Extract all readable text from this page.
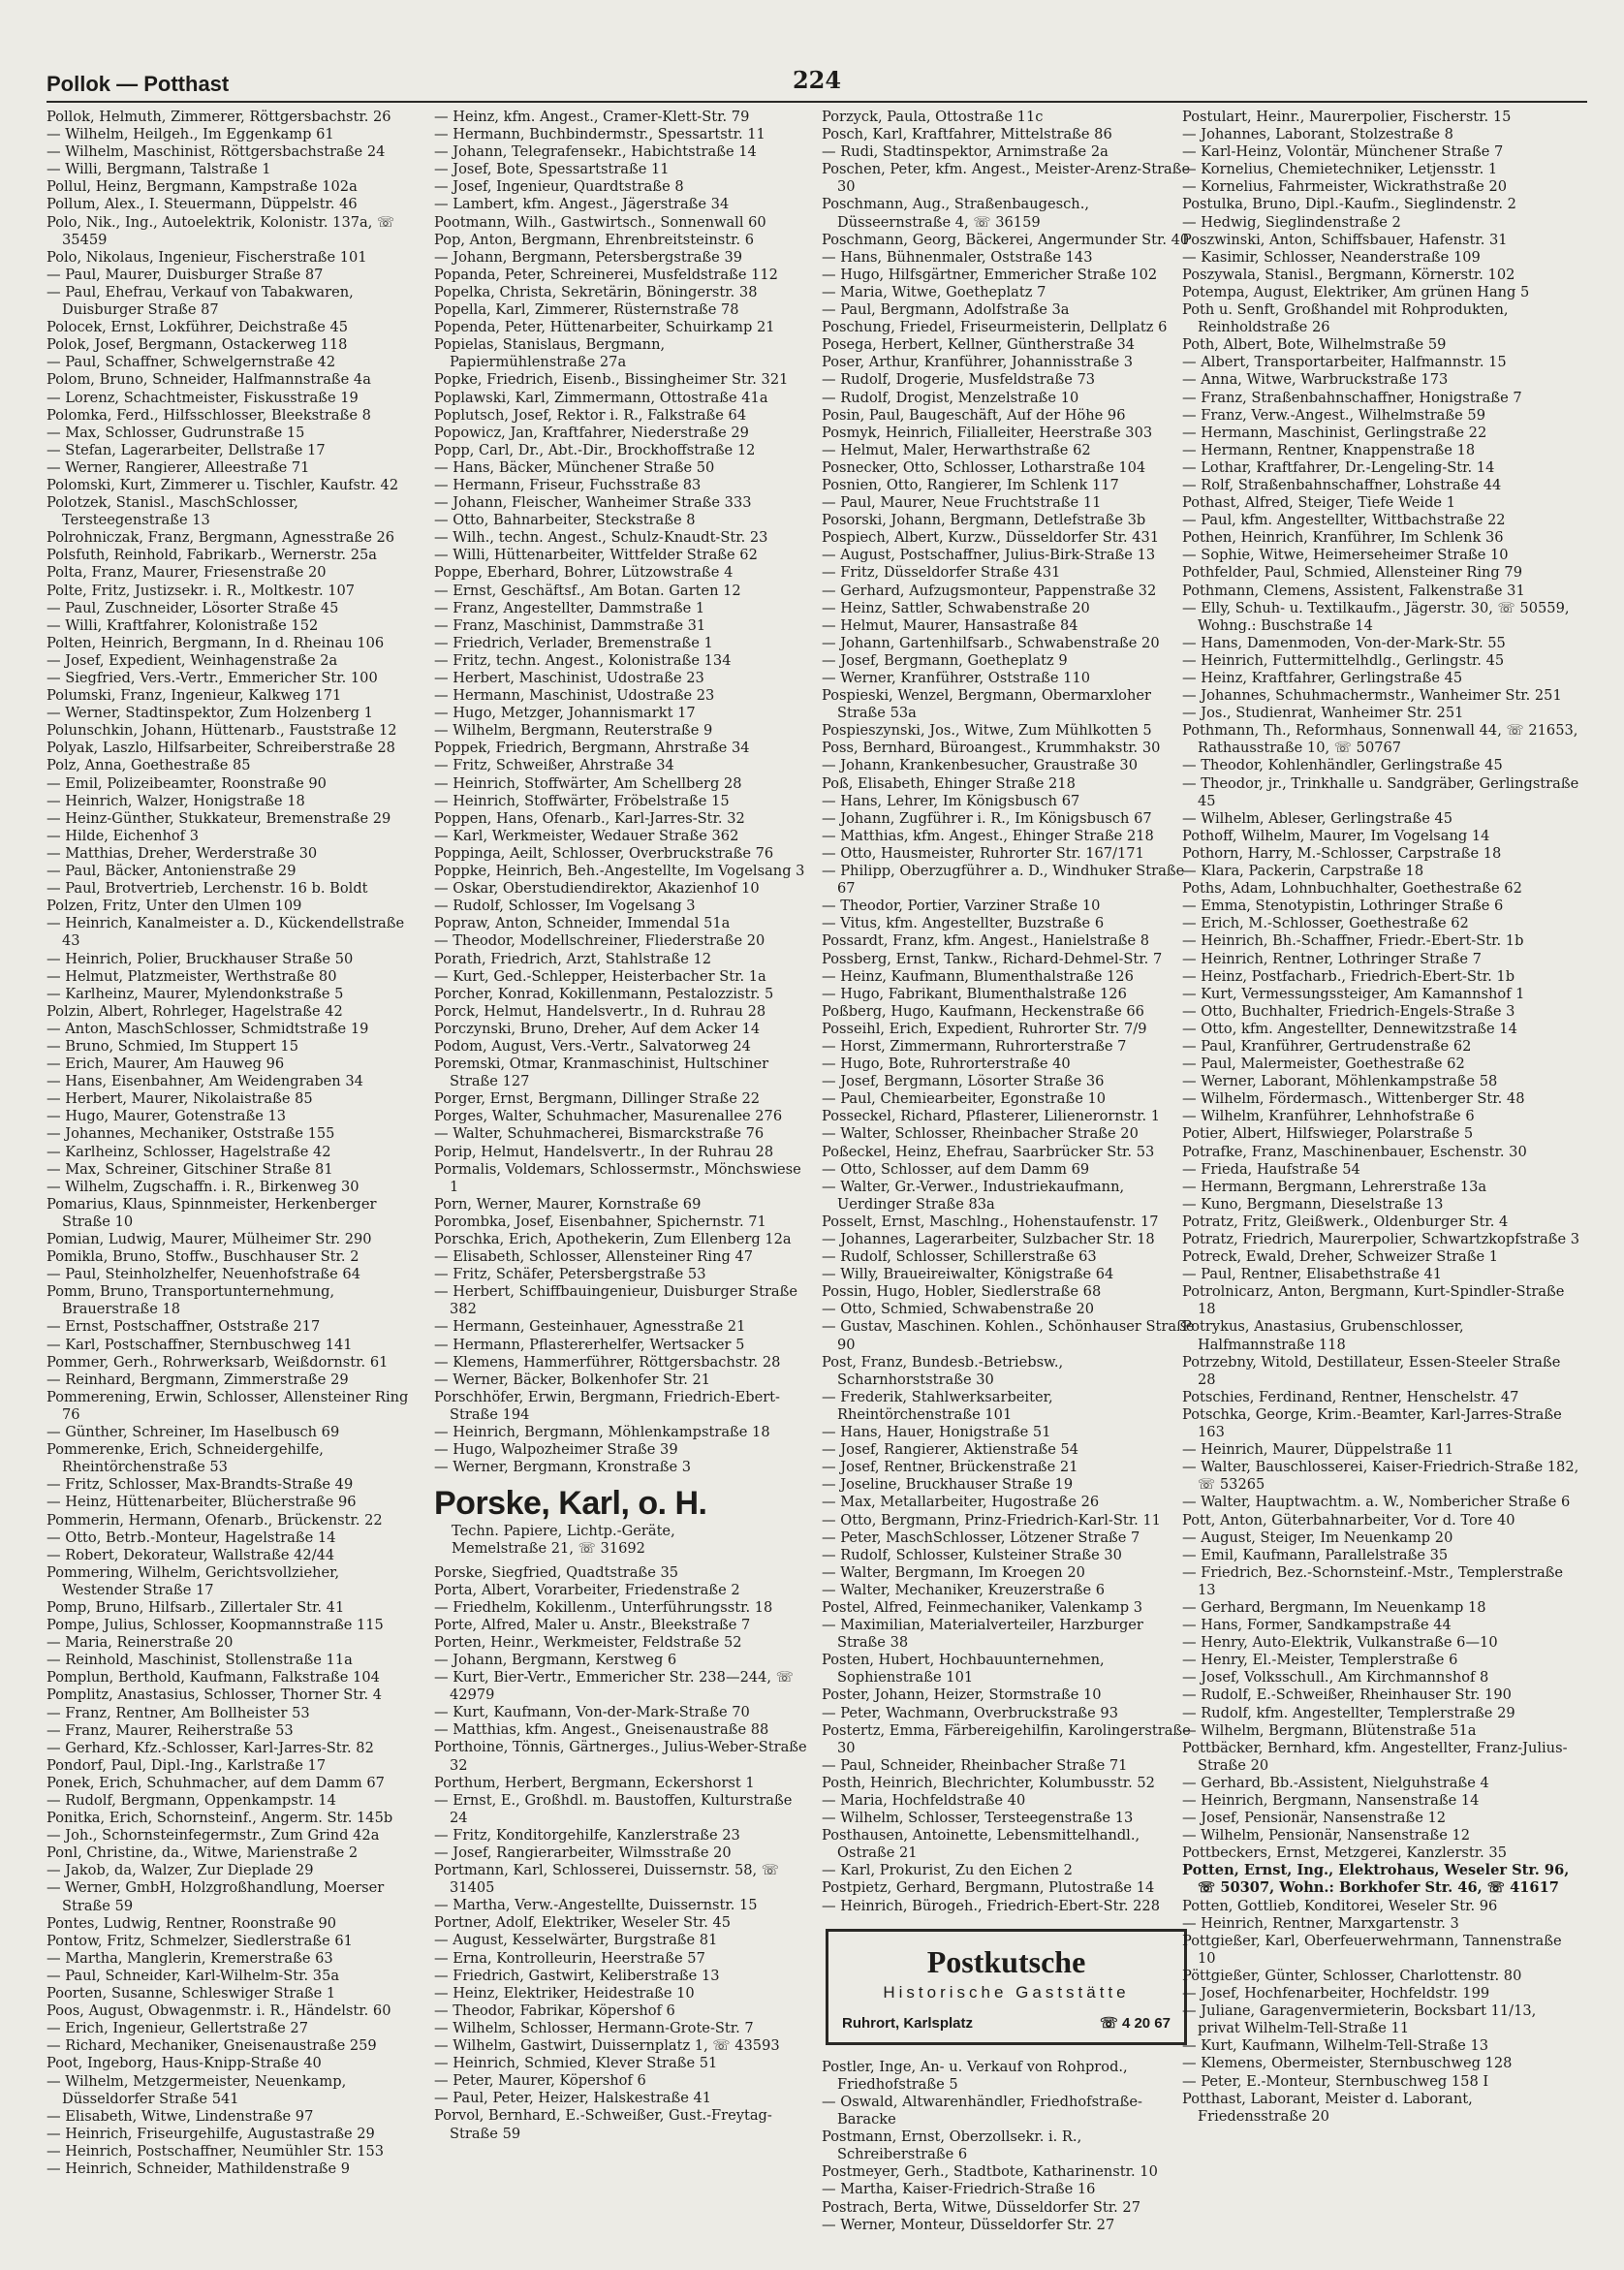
Pollok — Potthast	224

Pollok, Helmuth, Zimmerer, Röttgersbachstr. 26

— Wilhelm, Heilgeh., Im Eggenkamp 61

— Wilhelm, Maschinist, Röttgersbachstraße 24

— Willi, Bergmann, Talstraße 1

Pollul, Heinz, Bergmann, Kampstraße 102a

Pollum, Alex., I. Steuermann, Düppelstr. 46

Polo, Nik., Ing., Autoelektrik, Kolonistr. 137a, ☏ 35459

Polo, Nikolaus, Ingenieur, Fischerstraße 101

— Paul, Maurer, Duisburger Straße 87

— Paul, Ehefrau, Verkauf von Tabakwaren, Duisburger Straße 87

Polocek, Ernst, Lokführer, Deichstraße 45

Polok, Josef, Bergmann, Ostackerweg 118

— Paul, Schaffner, Schwelgernstraße 42

Polom, Bruno, Schneider, Halfmannstraße 4a

— Lorenz, Schachtmeister, Fiskusstraße 19

Polomka, Ferd., Hilfsschlosser, Bleekstraße 8

— Max, Schlosser, Gudrunstraße 15

— Stefan, Lagerarbeiter, Dellstraße 17

— Werner, Rangierer, Alleestraße 71

Polomski, Kurt, Zimmerer u. Tischler, Kaufstr. 42

Polotzek, Stanisl., MaschSchlosser, Tersteegenstraße 13

Polrohniczak, Franz, Bergmann, Agnesstraße 26

Polsfuth, Reinhold, Fabrikarb., Wernerstr. 25a

Polta, Franz, Maurer, Friesenstraße 20

Polte, Fritz, Justizsekr. i. R., Moltkestr. 107

— Paul, Zuschneider, Lösorter Straße 45

— Willi, Kraftfahrer, Kolonistraße 152

Polten, Heinrich, Bergmann, In d. Rheinau 106

— Josef, Expedient, Weinhagenstraße 2a

— Siegfried, Vers.-Vertr., Emmericher Str. 100

Polumski, Franz, Ingenieur, Kalkweg 171

— Werner, Stadtinspektor, Zum Holzenberg 1

Polunschkin, Johann, Hüttenarb., Fauststraße 12

Polyak, Laszlo, Hilfsarbeiter, Schreiberstraße 28

Polz, Anna, Goethestraße 85

— Emil, Polizeibeamter, Roonstraße 90

— Heinrich, Walzer, Honigstraße 18

— Heinz-Günther, Stukkateur, Bremenstraße 29

— Hilde, Eichenhof 3

— Matthias, Dreher, Werderstraße 30

— Paul, Bäcker, Antonienstraße 29

— Paul, Brotvertrieb, Lerchenstr. 16 b. Boldt

Polzen, Fritz, Unter den Ulmen 109

— Heinrich, Kanalmeister a. D., Kückendellstraße 43

— Heinrich, Polier, Bruckhauser Straße 50

— Helmut, Platzmeister, Werthstraße 80

— Karlheinz, Maurer, Mylendonkstraße 5

Polzin, Albert, Rohrleger, Hagelstraße 42

— Anton, MaschSchlosser, Schmidtstraße 19

— Bruno, Schmied, Im Stuppert 15

— Erich, Maurer, Am Hauweg 96

— Hans, Eisenbahner, Am Weidengraben 34

— Herbert, Maurer, Nikolaistraße 85

— Hugo, Maurer, Gotenstraße 13

— Johannes, Mechaniker, Oststraße 155

— Karlheinz, Schlosser, Hagelstraße 42

— Max, Schreiner, Gitschiner Straße 81

— Wilhelm, Zugschaffn. i. R., Birkenweg 30

Pomarius, Klaus, Spinnmeister, Herkenberger Straße 10

Pomian, Ludwig, Maurer, Mülheimer Str. 290

Pomikla, Bruno, Stoffw., Buschhauser Str. 2

— Paul, Steinholzhelfer, Neuenhofstraße 64

Pomm, Bruno, Transportunternehmung, Brauerstraße 18

— Ernst, Postschaffner, Oststraße 217

— Karl, Postschaffner, Sternbuschweg 141

Pommer, Gerh., Rohrwerksarb, Weißdornstr. 61

— Reinhard, Bergmann, Zimmerstraße 29

Pommerening, Erwin, Schlosser, Allensteiner Ring 76

— Günther, Schreiner, Im Haselbusch 69

Pommerenke, Erich, Schneidergehilfe, Rheintörchenstraße 53

— Fritz, Schlosser, Max-Brandts-Straße 49

— Heinz, Hüttenarbeiter, Blücherstraße 96

Pommerin, Hermann, Ofenarb., Brückenstr. 22

— Otto, Betrb.-Monteur, Hagelstraße 14

— Robert, Dekorateur, Wallstraße 42/44

Pommering, Wilhelm, Gerichtsvollzieher, Westender Straße 17

Pomp, Bruno, Hilfsarb., Zillertaler Str. 41

Pompe, Julius, Schlosser, Koopmannstraße 115

— Maria, Reinerstraße 20

— Reinhold, Maschinist, Stollenstraße 11a

Pomplun, Berthold, Kaufmann, Falkstraße 104

Pomplitz, Anastasius, Schlosser, Thorner Str. 4

— Franz, Rentner, Am Bollheister 53

— Franz, Maurer, Reiherstraße 53

— Gerhard, Kfz.-Schlosser, Karl-Jarres-Str. 82

Pondorf, Paul, Dipl.-Ing., Karlstraße 17

Ponek, Erich, Schuhmacher, auf dem Damm 67

— Rudolf, Bergmann, Oppenkampstr. 14

Ponitka, Erich, Schornsteinf., Angerm. Str. 145b

— Joh., Schornsteinfegermstr., Zum Grind 42a

Ponl, Christine, da., Witwe, Marienstraße 2

— Jakob, da, Walzer, Zur Dieplade 29

— Werner, GmbH, Holzgroßhandlung, Moerser Straße 59

Pontes, Ludwig, Rentner, Roonstraße 90

Pontow, Fritz, Schmelzer, Siedlerstraße 61

— Martha, Manglerin, Kremerstraße 63

— Paul, Schneider, Karl-Wilhelm-Str. 35a

Poorten, Susanne, Schleswiger Straße 1

Poos, August, Obwagenmstr. i. R., Händelstr. 60

— Erich, Ingenieur, Gellertstraße 27

— Richard, Mechaniker, Gneisenaustraße 259

Poot, Ingeborg, Haus-Knipp-Straße 40

— Wilhelm, Metzgermeister, Neuenkamp, Düsseldorfer Straße 541

— Elisabeth, Witwe, Lindenstraße 97

— Heinrich, Friseurgehilfe, Augustastraße 29

— Heinrich, Postschaffner, Neumühler Str. 153

— Heinrich, Schneider, Mathildenstraße 9

— Heinz, kfm. Angest., Cramer-Klett-Str. 79

— Hermann, Buchbindermstr., Spessartstr. 11

— Johann, Telegrafensekr., Habichtstraße 14

— Josef, Bote, Spessartstraße 11

— Josef, Ingenieur, Quardtstraße 8

— Lambert, kfm. Angest., Jägerstraße 34

Pootmann, Wilh., Gastwirtsch., Sonnenwall 60

Pop, Anton, Bergmann, Ehrenbreitsteinstr. 6

— Johann, Bergmann, Petersbergstraße 39

Popanda, Peter, Schreinerei, Musfeldstraße 112

Popelka, Christa, Sekretärin, Böningerstr. 38

Popella, Karl, Zimmerer, Rüsternstraße 78

Popenda, Peter, Hüttenarbeiter, Schuirkamp 21

Popielas, Stanislaus, Bergmann, Papiermühlenstraße 27a

Popke, Friedrich, Eisenb., Bissingheimer Str. 321

Poplawski, Karl, Zimmermann, Ottostraße 41a

Poplutsch, Josef, Rektor i. R., Falkstraße 64

Popowicz, Jan, Kraftfahrer, Niederstraße 29

Popp, Carl, Dr., Abt.-Dir., Brockhoffstraße 12

— Hans, Bäcker, Münchener Straße 50

— Hermann, Friseur, Fuchsstraße 83

— Johann, Fleischer, Wanheimer Straße 333

— Otto, Bahnarbeiter, Steckstraße 8

— Wilh., techn. Angest., Schulz-Knaudt-Str. 23

— Willi, Hüttenarbeiter, Wittfelder Straße 62

Poppe, Eberhard, Bohrer, Lützowstraße 4

— Ernst, Geschäftsf., Am Botan. Garten 12

— Franz, Angestellter, Dammstraße 1

— Franz, Maschinist, Dammstraße 31

— Friedrich, Verlader, Bremenstraße 1

— Fritz, techn. Angest., Kolonistraße 134

— Herbert, Maschinist, Udostraße 23

— Hermann, Maschinist, Udostraße 23

— Hugo, Metzger, Johannismarkt 17

— Wilhelm, Bergmann, Reuterstraße 9

Poppek, Friedrich, Bergmann, Ahrstraße 34

— Fritz, Schweißer, Ahrstraße 34

— Heinrich, Stoffwärter, Am Schellberg 28

— Heinrich, Stoffwärter, Fröbelstraße 15

Poppen, Hans, Ofenarb., Karl-Jarres-Str. 32

— Karl, Werkmeister, Wedauer Straße 362

Poppinga, Aeilt, Schlosser, Overbruckstraße 76

Poppke, Heinrich, Beh.-Angestellte, Im Vogelsang 3

— Oskar, Oberstudiendirektor, Akazienhof 10

— Rudolf, Schlosser, Im Vogelsang 3

Popraw, Anton, Schneider, Immendal 51a

— Theodor, Modellschreiner, Fliederstraße 20

Porath, Friedrich, Arzt, Stahlstraße 12

— Kurt, Ged.-Schlepper, Heisterbacher Str. 1a

Porcher, Konrad, Kokillenmann, Pestalozzistr. 5

Porck, Helmut, Handelsvertr., In d. Ruhrau 28

Porczynski, Bruno, Dreher, Auf dem Acker 14

Podom, August, Vers.-Vertr., Salvatorweg 24

Poremski, Otmar, Kranmaschinist, Hultschiner Straße 127

Porger, Ernst, Bergmann, Dillinger Straße 22

Porges, Walter, Schuhmacher, Masurenallee 276

— Walter, Schuhmacherei, Bismarckstraße 76

Porip, Helmut, Handelsvertr., In der Ruhrau 28

Pormalis, Voldemars, Schlossermstr., Mönchswiese 1

Porn, Werner, Maurer, Kornstraße 69

Porombka, Josef, Eisenbahner, Spichernstr. 71

Porschka, Erich, Apothekerin, Zum Ellenberg 12a

— Elisabeth, Schlosser, Allensteiner Ring 47

— Fritz, Schäfer, Petersbergstraße 53

— Herbert, Schiffbauingenieur, Duisburger Straße 382

— Hermann, Gesteinhauer, Agnesstraße 21

— Hermann, Pflastererhelfer, Wertsacker 5

— Klemens, Hammerführer, Röttgersbachstr. 28

— Werner, Bäcker, Bolkenhofer Str. 21

Porschhöfer, Erwin, Bergmann, Friedrich-Ebert-Straße 194

— Heinrich, Bergmann, Möhlenkampstraße 18

— Hugo, Walpozheimer Straße 39

— Werner, Bergmann, Kronstraße 3

Porske, Karl, o. H.
Techn. Papiere, Lichtp.-Geräte,
Memelstraße 21, ☏ 31692

Porske, Siegfried, Quadtstraße 35

Porta, Albert, Vorarbeiter, Friedenstraße 2

— Friedhelm, Kokillenm., Unterführungsstr. 18

Porte, Alfred, Maler u. Anstr., Bleekstraße 7

Porten, Heinr., Werkmeister, Feldstraße 52

— Johann, Bergmann, Kerstweg 6

— Kurt, Bier-Vertr., Emmericher Str. 238—244, ☏ 42979

— Kurt, Kaufmann, Von-der-Mark-Straße 70

— Matthias, kfm. Angest., Gneisenaustraße 88

Porthoine, Tönnis, Gärtnerges., Julius-Weber-Straße 32

Porthum, Herbert, Bergmann, Eckershorst 1

— Ernst, E., Großhdl. m. Baustoffen, Kulturstraße 24

— Fritz, Konditorgehilfe, Kanzlerstraße 23

— Josef, Rangierarbeiter, Wilmsstraße 20

Portmann, Karl, Schlosserei, Duissernstr. 58, ☏ 31405

— Martha, Verw.-Angestellte, Duissernstr. 15

Portner, Adolf, Elektriker, Weseler Str. 45

— August, Kesselwärter, Burgstraße 81

— Erna, Kontrolleurin, Heerstraße 57

— Friedrich, Gastwirt, Keliberstraße 13

— Heinz, Elektriker, Heidestraße 10

— Theodor, Fabrikar, Köpershof 6

— Wilhelm, Schlosser, Hermann-Grote-Str. 7

— Wilhelm, Gastwirt, Duissernplatz 1, ☏ 43593

— Heinrich, Schmied, Klever Straße 51

— Peter, Maurer, Köpershof 6

— Paul, Peter, Heizer, Halskestraße 41

Porvol, Bernhard, E.-Schweißer, Gust.-Freytag-Straße 59

Porzyck, Paula, Ottostraße 11c

Posch, Karl, Kraftfahrer, Mittelstraße 86

— Rudi, Stadtinspektor, Arnimstraße 2a

Poschen, Peter, kfm. Angest., Meister-Arenz-Straße 30

Poschmann, Aug., Straßenbaugesch., Düsseernstraße 4, ☏ 36159

Poschmann, Georg, Bäckerei, Angermunder Str. 40

— Hans, Bühnenmaler, Oststraße 143

— Hugo, Hilfsgärtner, Emmericher Straße 102

— Maria, Witwe, Goetheplatz 7

— Paul, Bergmann, Adolfstraße 3a

Poschung, Friedel, Friseurmeisterin, Dellplatz 6

Posega, Herbert, Kellner, Güntherstraße 34

Poser, Arthur, Kranführer, Johannisstraße 3

— Rudolf, Drogerie, Musfeldstraße 73

— Rudolf, Drogist, Menzelstraße 10

Posin, Paul, Baugeschäft, Auf der Höhe 96

Posmyk, Heinrich, Filialleiter, Heerstraße 303

— Helmut, Maler, Herwarthstraße 62

Posnecker, Otto, Schlosser, Lotharstraße 104

Posnien, Otto, Rangierer, Im Schlenk 117

— Paul, Maurer, Neue Fruchtstraße 11

Posorski, Johann, Bergmann, Detlefstraße 3b

Pospiech, Albert, Kurzw., Düsseldorfer Str. 431

— August, Postschaffner, Julius-Birk-Straße 13

— Fritz, Düsseldorfer Straße 431

— Gerhard, Aufzugsmonteur, Pappenstraße 32

— Heinz, Sattler, Schwabenstraße 20

— Helmut, Maurer, Hansastraße 84

— Johann, Gartenhilfsarb., Schwabenstraße 20

— Josef, Bergmann, Goetheplatz 9

— Werner, Kranführer, Oststraße 110

Pospieski, Wenzel, Bergmann, Obermarxloher Straße 53a

Pospieszynski, Jos., Witwe, Zum Mühlkotten 5

Poss, Bernhard, Büroangest., Krummhakstr. 30

— Johann, Krankenbesucher, Graustraße 30

Poß, Elisabeth, Ehinger Straße 218

— Hans, Lehrer, Im Königsbusch 67

— Johann, Zugführer i. R., Im Königsbusch 67

— Matthias, kfm. Angest., Ehinger Straße 218

— Otto, Hausmeister, Ruhrorter Str. 167/171

— Philipp, Oberzugführer a. D., Windhuker Straße 67

— Theodor, Portier, Varziner Straße 10

— Vitus, kfm. Angestellter, Buzstraße 6

Possardt, Franz, kfm. Angest., Hanielstraße 8

Possberg, Ernst, Tankw., Richard-Dehmel-Str. 7

— Heinz, Kaufmann, Blumenthalstraße 126

— Hugo, Fabrikant, Blumenthalstraße 126

Poßberg, Hugo, Kaufmann, Heckenstraße 66

Posseihl, Erich, Expedient, Ruhrorter Str. 7/9

— Horst, Zimmermann, Ruhrorterstraße 7

— Hugo, Bote, Ruhrorterstraße 40

— Josef, Bergmann, Lösorter Straße 36

— Paul, Chemiearbeiter, Egonstraße 10

Posseckel, Richard, Pflasterer, Lilienerornstr. 1

— Walter, Schlosser, Rheinbacher Straße 20

Poßeckel, Heinz, Ehefrau, Saarbrücker Str. 53

— Otto, Schlosser, auf dem Damm 69

— Walter, Gr.-Verwer., Industriekaufmann, Uerdinger Straße 83a

Posselt, Ernst, Maschlng., Hohenstaufenstr. 17

— Johannes, Lagerarbeiter, Sulzbacher Str. 18

— Rudolf, Schlosser, Schillerstraße 63

— Willy, Braueireiwalter, Königstraße 64

Possin, Hugo, Hobler, Siedlerstraße 68

— Otto, Schmied, Schwabenstraße 20

— Gustav, Maschinen. Kohlen., Schönhauser Straße 90

Post, Franz, Bundesb.-Betriebsw., Scharnhorststraße 30

— Frederik, Stahlwerksarbeiter, Rheintörchenstraße 101

— Hans, Hauer, Honigstraße 51

— Josef, Rangierer, Aktienstraße 54

— Josef, Rentner, Brückenstraße 21

— Joseline, Bruckhauser Straße 19

— Max, Metallarbeiter, Hugostraße 26

— Otto, Bergmann, Prinz-Friedrich-Karl-Str. 11

— Peter, MaschSchlosser, Lötzener Straße 7

— Rudolf, Schlosser, Kulsteiner Straße 30

— Walter, Bergmann, Im Kroegen 20

— Walter, Mechaniker, Kreuzerstraße 6

Postel, Alfred, Feinmechaniker, Valenkamp 3

— Maximilian, Materialverteiler, Harzburger Straße 38

Posten, Hubert, Hochbauunternehmen, Sophienstraße 101

Poster, Johann, Heizer, Stormstraße 10

— Peter, Wachmann, Overbruckstraße 93

Postertz, Emma, Färbereigehilfin, Karolingerstraße 30

— Paul, Schneider, Rheinbacher Straße 71

Posth, Heinrich, Blechrichter, Kolumbusstr. 52

— Maria, Hochfeldstraße 40

— Wilhelm, Schlosser, Tersteegenstraße 13

Posthausen, Antoinette, Lebensmittelhandl., Ostraße 21

— Karl, Prokurist, Zu den Eichen 2

Postpietz, Gerhard, Bergmann, Plutostraße 14

— Heinrich, Bürogeh., Friedrich-Ebert-Str. 228

Postkutsche
Historische Gaststätte
Ruhrort, Karlsplatz	☏ 4 20 67

Postler, Inge, An- u. Verkauf von Rohprod., Friedhofstraße 5

— Oswald, Altwarenhändler, Friedhofstraße-Baracke

Postmann, Ernst, Oberzollsekr. i. R., Schreiberstraße 6

Postmeyer, Gerh., Stadtbote, Katharinenstr. 10

— Martha, Kaiser-Friedrich-Straße 16

Postrach, Berta, Witwe, Düsseldorfer Str. 27

— Werner, Monteur, Düsseldorfer Str. 27

Postulart, Heinr., Maurerpolier, Fischerstr. 15

— Johannes, Laborant, Stolzestraße 8

— Karl-Heinz, Volontär, Münchener Straße 7

— Kornelius, Chemietechniker, Letjensstr. 1

— Kornelius, Fahrmeister, Wickrathstraße 20

Postulka, Bruno, Dipl.-Kaufm., Sieglindenstr. 2

— Hedwig, Sieglindenstraße 2

Poszwinski, Anton, Schiffsbauer, Hafenstr. 31

— Kasimir, Schlosser, Neanderstraße 109

Poszywala, Stanisl., Bergmann, Körnerstr. 102

Potempa, August, Elektriker, Am grünen Hang 5

Poth u. Senft, Großhandel mit Rohprodukten, Reinholdstraße 26

Poth, Albert, Bote, Wilhelmstraße 59

— Albert, Transportarbeiter, Halfmannstr. 15

— Anna, Witwe, Warbruckstraße 173

— Franz, Straßenbahnschaffner, Honigstraße 7

— Franz, Verw.-Angest., Wilhelmstraße 59

— Hermann, Maschinist, Gerlingstraße 22

— Hermann, Rentner, Knappenstraße 18

— Lothar, Kraftfahrer, Dr.-Lengeling-Str. 14

— Rolf, Straßenbahnschaffner, Lohstraße 44

Pothast, Alfred, Steiger, Tiefe Weide 1

— Paul, kfm. Angestellter, Wittbachstraße 22

Pothen, Heinrich, Kranführer, Im Schlenk 36

— Sophie, Witwe, Heimerseheimer Straße 10

Pothfelder, Paul, Schmied, Allensteiner Ring 79

Pothmann, Clemens, Assistent, Falkenstraße 31

— Elly, Schuh- u. Textilkaufm., Jägerstr. 30, ☏ 50559, Wohng.: Buschstraße 14

— Hans, Damenmoden, Von-der-Mark-Str. 55

— Heinrich, Futtermittelhdlg., Gerlingstr. 45

— Heinz, Kraftfahrer, Gerlingstraße 45

— Johannes, Schuhmachermstr., Wanheimer Str. 251

— Jos., Studienrat, Wanheimer Str. 251

Pothmann, Th., Reformhaus, Sonnenwall 44, ☏ 21653, Rathausstraße 10, ☏ 50767

— Theodor, Kohlenhändler, Gerlingstraße 45

— Theodor, jr., Trinkhalle u. Sandgräber, Gerlingstraße 45

— Wilhelm, Ableser, Gerlingstraße 45

Pothoff, Wilhelm, Maurer, Im Vogelsang 14

Pothorn, Harry, M.-Schlosser, Carpstraße 18

— Klara, Packerin, Carpstraße 18

Poths, Adam, Lohnbuchhalter, Goethestraße 62

— Emma, Stenotypistin, Lothringer Straße 6

— Erich, M.-Schlosser, Goethestraße 62

— Heinrich, Bh.-Schaffner, Friedr.-Ebert-Str. 1b

— Heinrich, Rentner, Lothringer Straße 7

— Heinz, Postfacharb., Friedrich-Ebert-Str. 1b

— Kurt, Vermessungssteiger, Am Kamannshof 1

— Otto, Buchhalter, Friedrich-Engels-Straße 3

— Otto, kfm. Angestellter, Dennewitzstraße 14

— Paul, Kranführer, Gertrudenstraße 62

— Paul, Malermeister, Goethestraße 62

— Werner, Laborant, Möhlenkampstraße 58

— Wilhelm, Fördermasch., Wittenberger Str. 48

— Wilhelm, Kranführer, Lehnhofstraße 6

Potier, Albert, Hilfswieger, Polarstraße 5

Potrafke, Franz, Maschinenbauer, Eschenstr. 30

— Frieda, Haufstraße 54

— Hermann, Bergmann, Lehrerstraße 13a

— Kuno, Bergmann, Dieselstraße 13

Potratz, Fritz, Gleißwerk., Oldenburger Str. 4

Potratz, Friedrich, Maurerpolier, Schwartzkopfstraße 3

Potreck, Ewald, Dreher, Schweizer Straße 1

— Paul, Rentner, Elisabethstraße 41

Potrolnicarz, Anton, Bergmann, Kurt-Spindler-Straße 18

Potrykus, Anastasius, Grubenschlosser, Halfmannstraße 118

Potrzebny, Witold, Destillateur, Essen-Steeler Straße 28

Potschies, Ferdinand, Rentner, Henschelstr. 47

Potschka, George, Krim.-Beamter, Karl-Jarres-Straße 163

— Heinrich, Maurer, Düppelstraße 11

— Walter, Bauschlosserei, Kaiser-Friedrich-Straße 182, ☏ 53265

— Walter, Hauptwachtm. a. W., Nombericher Straße 6

Pott, Anton, Güterbahnarbeiter, Vor d. Tore 40

— August, Steiger, Im Neuenkamp 20

— Emil, Kaufmann, Parallelstraße 35

— Friedrich, Bez.-Schornsteinf.-Mstr., Templerstraße 13

— Gerhard, Bergmann, Im Neuenkamp 18

— Hans, Former, Sandkampstraße 44

— Henry, Auto-Elektrik, Vulkanstraße 6—10

— Henry, El.-Meister, Templerstraße 6

— Josef, Volksschull., Am Kirchmannshof 8

— Rudolf, E.-Schweißer, Rheinhauser Str. 190

— Rudolf, kfm. Angestellter, Templerstraße 29

— Wilhelm, Bergmann, Blütenstraße 51a

Pottbäcker, Bernhard, kfm. Angestellter, Franz-Julius-Straße 20

— Gerhard, Bb.-Assistent, Nielguhstraße 4

— Heinrich, Bergmann, Nansenstraße 14

— Josef, Pensionär, Nansenstraße 12

— Wilhelm, Pensionär, Nansenstraße 12

Pottbeckers, Ernst, Metzgerei, Kanzlerstr. 35

Potten, Ernst, Ing., Elektrohaus, Weseler Str. 96, ☏ 50307, Wohn.: Borkhofer Str. 46, ☏ 41617

Potten, Gottlieb, Konditorei, Weseler Str. 96

— Heinrich, Rentner, Marxgartenstr. 3

Pottgießer, Karl, Oberfeuerwehrmann, Tannenstraße 10

Pöttgießer, Günter, Schlosser, Charlottenstr. 80

— Josef, Hochfenarbeiter, Hochfeldstr. 199

— Juliane, Garagenvermieterin, Bocksbart 11/13, privat Wilhelm-Tell-Straße 11

— Kurt, Kaufmann, Wilhelm-Tell-Straße 13

— Klemens, Obermeister, Sternbuschweg 128

— Peter, E.-Monteur, Sternbuschweg 158 I

Potthast, Laborant, Meister d. Laborant, Friedensstraße 20
